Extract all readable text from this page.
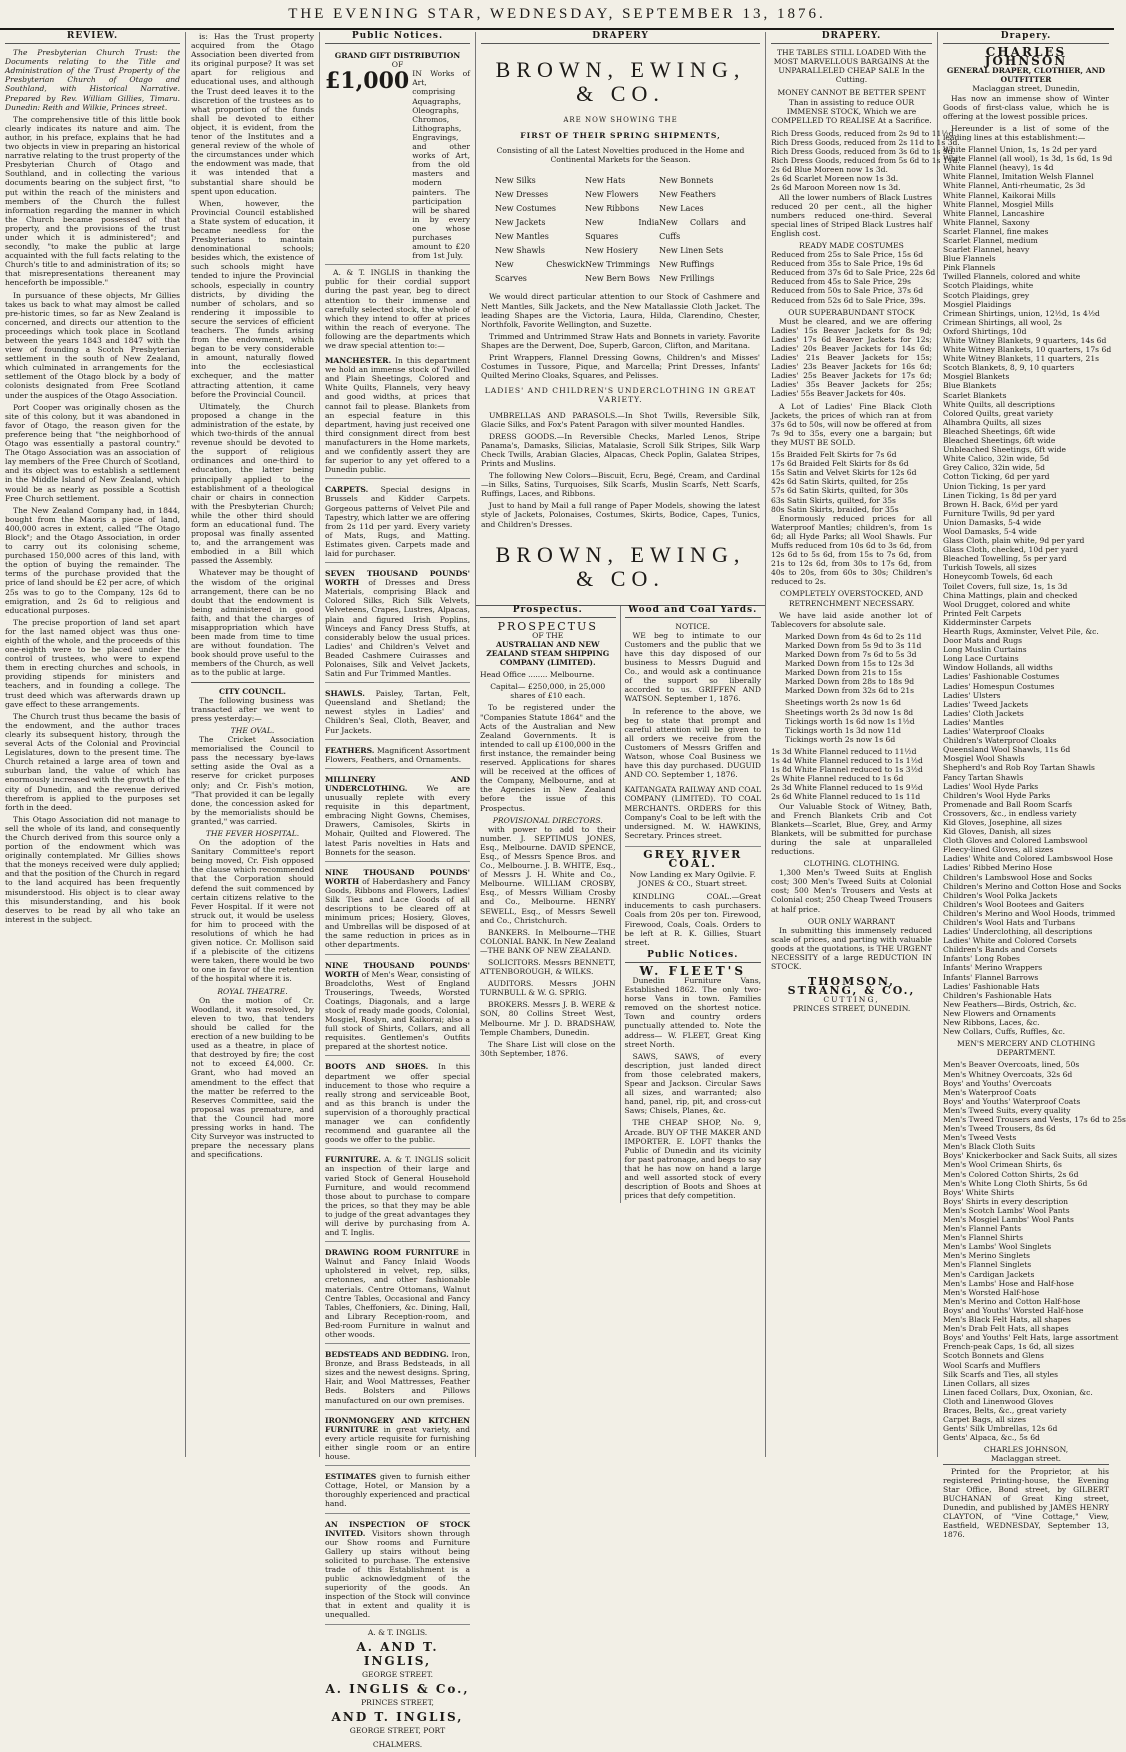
THE EVENING STAR, WEDNESDAY, SEPTEMBER 13, 1876.
REVIEW.

The Presbyterian Church Trust: the Documents relating to the Title and Administration of the Trust Property of the Presbyterian Church of Otago and Southland, with Historical Narrative. Prepared by Rev. William Gillies, Timaru. Dunedin: Reith and Wilkie, Princes street.

The comprehensive title of this little book clearly indicates its nature and aim. The author, in his preface, explains that he had two objects in view in preparing an historical narrative relating to the trust property of the Presbyterian Church of Otago and Southland, and in collecting the various documents bearing on the subject first, "to put within the reach of the ministers and members of the Church the fullest information regarding the manner in which the Church became possessed of that property, and the provisions of the trust under which it is administered"; and secondly, "to make the public at large acquainted with the full facts relating to the Church's title to and administration of its; so that misrepresentations thereanent may henceforth be impossible."

In pursuance of these objects, Mr Gillies takes us back to what may almost be called pre-historic times, so far as New Zealand is concerned, and directs our attention to the proceedings which took place in Scotland between the years 1843 and 1847 with the view of founding a Scotch Presbyterian settlement in the south of New Zealand, which culminated in arrangements for the settlement of the Otago block by a body of colonists designated from Free Scotland under the auspices of the Otago Association.

Port Cooper was originally chosen as the site of this colony, but it was abandoned in favor of Otago, the reason given for the preference being that "the neighborhood of Otago was essentially a pastoral country." The Otago Association was an association of lay members of the Free Church of Scotland, and its object was to establish a settlement in the Middle Island of New Zealand, which would be as nearly as possible a Scottish Free Church settlement.

The New Zealand Company had, in 1844, bought from the Maoris a piece of land, 400,000 acres in extent, called "The Otago Block"; and the Otago Association, in order to carry out its colonising scheme, purchased 150,000 acres of this land, with the option of buying the remainder. The terms of the purchase provided that the price of land should be £2 per acre, of which 25s was to go to the Company, 12s 6d to emigration, and 2s 6d to religious and educational purposes.

The precise proportion of land set apart for the last named object was thus one-eighth of the whole, and the proceeds of this one-eighth were to be placed under the control of trustees, who were to expend them in erecting churches and schools, in providing stipends for ministers and teachers, and in founding a college. The trust deed which was afterwards drawn up gave effect to these arrangements.

The Church trust thus became the basis of the endowment, and the author traces clearly its subsequent history, through the several Acts of the Colonial and Provincial Legislatures, down to the present time. The Church retained a large area of town and suburban land, the value of which has enormously increased with the growth of the city of Dunedin, and the revenue derived therefrom is applied to the purposes set forth in the deed.

This Otago Association did not manage to sell the whole of its land, and consequently the Church derived from this source only a portion of the endowment which was originally contemplated. Mr Gillies shows that the moneys received were duly applied; and that the position of the Church in regard to the land acquired has been frequently misunderstood. His object is to clear away this misunderstanding, and his book deserves to be read by all who take an interest in the subject.

is: Has the Trust property acquired from the Otago Association been diverted from its original purpose? It was set apart for religious and educational uses, and although the Trust deed leaves it to the discretion of the trustees as to what proportion of the funds shall be devoted to either object, it is evident, from the tenor of the Institutes and a general review of the whole of the circumstances under which the endowment was made, that it was intended that a substantial share should be spent upon education.

When, however, the Provincial Council established a State system of education, it became needless for the Presbyterians to maintain denominational schools; besides which, the existence of such schools might have tended to injure the Provincial schools, especially in country districts, by dividing the number of scholars, and so rendering it impossible to secure the services of efficient teachers. The funds arising from the endowment, which began to be very considerable in amount, naturally flowed into the ecclesiastical exchequer, and the matter attracting attention, it came before the Provincial Council.

Ultimately, the Church proposed a change in the administration of the estate, by which two-thirds of the annual revenue should be devoted to the support of religious ordinances and one-third to education, the latter being principally applied to the establishment of a theological chair or chairs in connection with the Presbyterian Church; while the other third should form an educational fund. The proposal was finally assented to, and the arrangement was embodied in a Bill which passed the Assembly.

Whatever may be thought of the wisdom of the original arrangement, there can be no doubt that the endowment is being administered in good faith, and that the charges of misappropriation which have been made from time to time are without foundation. The book should prove useful to the members of the Church, as well as to the public at large.

CITY COUNCIL.

The following business was transacted after we went to press yesterday:—

THE OVAL.

The Cricket Association memorialised the Council to pass the necessary bye-laws setting aside the Oval as a reserve for cricket purposes only; and Cr. Fish's motion, "That provided it can be legally done, the concession asked for by the memorialists should be granted," was carried.

THE FEVER HOSPITAL.

On the adoption of the Sanitary Committee's report being moved, Cr. Fish opposed the clause which recommended that the Corporation should defend the suit commenced by certain citizens relative to the Fever Hospital. If it were not struck out, it would be useless for him to proceed with the resolutions of which he had given notice. Cr. Mollison said if a plebiscite of the citizens were taken, there would be two to one in favor of the retention of the hospital where it is.

ROYAL THEATRE.

On the motion of Cr. Woodland, it was resolved, by eleven to two, that tenders should be called for the erection of a new building to be used as a theatre, in place of that destroyed by fire; the cost not to exceed £4,000. Cr. Grant, who had moved an amendment to the effect that the matter be referred to the Reserves Committee, said the proposal was premature, and that the Council had more pressing works in hand. The City Surveyor was instructed to prepare the necessary plans and specifications.

Public Notices.
GRAND GIFT DISTRIBUTION
OF
£1,000 IN Works of Art, comprising Aquagraphs, Oleographs, Chromos, Lithographs, Engravings, and other works of Art, from the old masters and modern painters. The participation will be shared in by every one whose purchases amount to £20 from 1st July.

A. & T. INGLIS in thanking the public for their cordial support during the past year, beg to direct attention to their immense and carefully selected stock, the whole of which they intend to offer at prices within the reach of everyone. The following are the departments which we draw special attention to:—

MANCHESTER. In this department we hold an immense stock of Twilled and Plain Sheetings, Colored and White Quilts, Flannels, very heavy and good widths, at prices that cannot fail to please. Blankets from an especial feature in this department, having just received one third consignment direct from best manufacturers in the Home markets, and we confidently assert they are far superior to any yet offered to a Dunedin public.
CARPETS. Special designs in Brussels and Kidder Carpets. Gorgeous patterns of Velvet Pile and Tapestry, which latter we are offering from 2s 11d per yard. Every variety of Mats, Rugs, and Matting. Estimates given. Carpets made and laid for purchaser.
SEVEN THOUSAND POUNDS' WORTH of Dresses and Dress Materials, comprising Black and Colored Silks, Rich Silk Velvets, Velveteens, Crapes, Lustres, Alpacas, plain and figured Irish Poplins, Winceys and Fancy Dress Stuffs, at considerably below the usual prices. Ladies' and Children's Velvet and Beaded Cashmere Cuirasses and Polonaises, Silk and Velvet Jackets, Satin and Fur Trimmed Mantles.
SHAWLS. Paisley, Tartan, Felt, Queensland and Shetland; the newest styles in Ladies' and Children's Seal, Cloth, Beaver, and Fur Jackets.
FEATHERS. Magnificent Assortment Flowers, Feathers, and Ornaments.
MILLINERY AND UNDERCLOTHING.	We are unusually replete with every requisite in this department, embracing Night Gowns, Chemises, Drawers, Camisoles, Skirts in Mohair, Quilted and Flowered. The latest Paris novelties in Hats and Bonnets for the season.
NINE THOUSAND POUNDS' WORTH of Haberdashery and Fancy Goods, Ribbons and Flowers, Ladies' Silk Ties and Lace Goods of all descriptions to be cleared off at minimum prices; Hosiery, Gloves, and Umbrellas will be disposed of at the same reduction in prices as in other departments.
NINE THOUSAND POUNDS' WORTH of Men's Wear, consisting of Broadcloths, West of England Trouserings, Tweeds, Worsted Coatings, Diagonals, and a large stock of ready made goods, Colonial, Mosgiel, Roslyn, and Kaikorai; also a full stock of Shirts, Collars, and all requisites. Gentlemen's Outfits prepared at the shortest notice.
BOOTS AND SHOES. In this department we offer special inducement to those who require a really strong and serviceable Boot, and as this branch is under the supervision of a thoroughly practical manager we can confidently recommend and guarantee all the goods we offer to the public.
FURNITURE. A. & T. INGLIS solicit an inspection of their large and varied Stock of General Household Furniture, and would recommend those about to purchase to compare the prices, so that they may be able to judge of the great advantages they will derive by purchasing from A. and T. Inglis.
DRAWING ROOM FURNITURE in Walnut and Fancy Inlaid Woods upholstered in velvet, rep, silks, cretonnes, and other fashionable materials. Centre Ottomans, Walnut Centre Tables, Occasional and Fancy Tables, Cheffoniers, &c. Dining, Hall, and Library Reception-room, and Bed-room Furniture in walnut and other woods.
BEDSTEADS AND BEDDING. Iron, Bronze, and Brass Bedsteads, in all sizes and the newest designs. Spring, Hair, and Wool Mattresses, Feather Beds. Bolsters and Pillows manufactured on our own premises.
IRONMONGERY AND KITCHEN FURNITURE in great variety, and every article requisite for furnishing either single room or an entire house.
ESTIMATES given to furnish either Cottage, Hotel, or Mansion by a thoroughly experienced and practical hand.
AN INSPECTION OF STOCK INVITED. Visitors shown through our Show rooms and Furniture Gallery up stairs without being solicited to purchase. The extensive trade of this Establishment is a public acknowledgment of the superiority of the goods. An inspection of the Stock will convince that in extent and quality it is unequalled.
A. & T. INGLIS.
A. AND T. INGLIS,
GEORGE STREET.
A. INGLIS & Co.,
PRINCES STREET,
AND T. INGLIS,
GEORGE STREET, PORT CHALMERS.
DRAPERY
BROWN, EWING, & CO.
ARE NOW SHOWING THE
FIRST OF THEIR SPRING SHIPMENTS,

Consisting of all the Latest Novelties produced in the Home and Continental Markets for the Season.

New Silks
New Dresses
New Costumes
New Jackets
New Mantles
New Shawls
New Cheswick Scarves
New Hats
New Flowers
New Ribbons
New India Squares
New Hosiery
New Trimmings
New Bern Bows
New Bonnets
New Feathers
New Laces
New Collars and Cuffs
New Linen Sets
New Ruffings
New Frillings

We would direct particular attention to our Stock of Cashmere and Nett Mantles, Silk Jackets, and the New Matallassie Cloth Jacket. The leading Shapes are the Victoria, Laura, Hilda, Clarendino, Chester, Northfolk, Favorite Wellington, and Suzette.

Trimmed and Untrimmed Straw Hats and Bonnets in variety. Favorite Shapes are the Derwent, Doe, Superb, Garcon, Clifton, and Maritana.

Print Wrappers, Flannel Dressing Gowns, Children's and Misses' Costumes in Tussore, Pique, and Marcella; Print Dresses, Infants' Quilted Merino Cloaks, Squares, and Pelisses.

LADIES' AND CHILDREN'S UNDERCLOTHING IN GREAT VARIETY.

UMBRELLAS AND PARASOLS.—In Shot Twills, Reversible Silk, Glacie Silks, and Fox's Patent Paragon with silver mounted Handles.

DRESS GOODS.—In Reversible Checks, Marled Lenos, Stripe Panama's, Damasks, Silicias, Matalasie, Scroll Silk Stripes, Silk Warp Check Twills, Arabian Glacies, Alpacas, Check Poplin, Galatea Stripes, Prints and Muslins.

The following New Colors—Biscuit, Ecru, Begé, Cream, and Cardinal—in Silks, Satins, Turquoises, Silk Scarfs, Muslin Scarfs, Nett Scarfs, Ruffings, Laces, and Ribbons.

Just to hand by Mail a full range of Paper Models, showing the latest style of Jackets, Polonaises, Costumes, Skirts, Bodice, Capes, Tunics, and Children's Dresses.

BROWN, EWING, & CO.
Prospectus.
PROSPECTUS
OF THE
AUSTRALIAN AND NEW ZEALAND STEAM SHIPPING COMPANY (LIMITED).

Head Office ........ Melbourne.

Capital— £250,000, in 25,000 shares of £10 each.

To be registered under the "Companies Statute 1864" and the Acts of the Australian and New Zealand Governments. It is intended to call up £100,000 in the first instance, the remainder being reserved. Applications for shares will be received at the offices of the Company, Melbourne, and at the Agencies in New Zealand before the issue of this Prospectus.

PROVISIONAL DIRECTORS.

with power to add to their number. J. SEPTIMUS JONES, Esq., Melbourne. DAVID SPENCE, Esq., of Messrs Spence Bros. and Co., Melbourne. J. B. WHITE, Esq., of Messrs J. H. White and Co., Melbourne. WILLIAM CROSBY, Esq., of Messrs William Crosby and Co., Melbourne. HENRY SEWELL, Esq., of Messrs Sewell and Co., Christchurch.

BANKERS. In Melbourne—THE COLONIAL BANK. In New Zealand—THE BANK OF NEW ZEALAND.

SOLICITORS. Messrs BENNETT, ATTENBOROUGH, & WILKS.

AUDITORS. Messrs JOHN TURNBULL & W. G. SPRIG.

BROKERS. Messrs J. B. WERE & SON, 80 Collins Street West, Melbourne. Mr J. D. BRADSHAW, Temple Chambers, Dunedin.

The Share List will close on the 30th September, 1876.

Wood and Coal Yards.
NOTICE.

WE beg to intimate to our Customers and the public that we have this day disposed of our business to Messrs Duguid and Co., and would ask a continuance of the support so liberally accorded to us. GRIFFEN AND WATSON. September 1, 1876.

In reference to the above, we beg to state that prompt and careful attention will be given to all orders we receive from the Customers of Messrs Griffen and Watson, whose Coal Business we have this day purchased. DUGUID AND CO. September 1, 1876.

KAITANGATA RAILWAY AND COAL COMPANY (LIMITED). TO COAL MERCHANTS. ORDERS for this Company's Coal to be left with the undersigned. M. W. HAWKINS, Secretary. Princes street.

GREY RIVER COAL.

Now Landing ex Mary Ogilvie. F. JONES & CO., Stuart street.

KINDLING COAL.—Great inducements to cash purchasers. Coals from 20s per ton. Firewood, Firewood, Coals, Coals. Orders to be left at R. K. Gillies, Stuart street.

Public Notices.
W. FLEET'S

Dunedin Furniture Vans, Established 1862. The only two-horse Vans in town. Families removed on the shortest notice. Town and country orders punctually attended to. Note the address— W. FLEET, Great King street North.

SAWS, SAWS, of every description, just landed direct from those celebrated makers, Spear and Jackson. Circular Saws all sizes, and warranted; also hand, panel, rip, pit, and cross-cut Saws; Chisels, Planes, &c.

THE CHEAP SHOP, No. 9, Arcade. BUY OF THE MAKER AND IMPORTER. E. LOFT thanks the Public of Dunedin and its vicinity for past patronage, and begs to say that he has now on hand a large and well assorted stock of every description of Boots and Shoes at prices that defy competition.

DRAPERY.

THE TABLES STILL LOADED With the MOST MARVELLOUS BARGAINS At the UNPARALLELED CHEAP SALE In the Cutting.

MONEY CANNOT BE BETTER SPENT Than in assisting to reduce OUR IMMENSE STOCK, Which we are COMPELLED TO REALISE At a Sacrifice.

Rich Dress Goods, reduced from 2s 9d to 11½d.
Rich Dress Goods, reduced from 2s 11d to 1s 3d.
Rich Dress Goods, reduced from 3s 6d to 1s 9d.
Rich Dress Goods, reduced from 5s 6d to 1s 11d.
2s 6d Blue Moreen now 1s 3d.
2s 6d Scarlet Moreen now 1s 3d.
2s 6d Maroon Moreen now 1s 3d.

All the lower numbers of Black Lustres reduced 20 per cent., all the higher numbers reduced one-third. Several special lines of Striped Black Lustres half English cost.

READY MADE COSTUMES
Reduced from 25s to Sale Price, 15s 6d
Reduced from 35s to Sale Price, 19s 6d
Reduced from 37s 6d to Sale Price, 22s 6d
Reduced from 45s to Sale Price, 29s
Reduced from 50s to Sale Price, 37s 6d
Reduced from 52s 6d to Sale Price, 39s.
OUR SUPERABUNDANT STOCK

Must be cleared, and we are offering Ladies' 15s Beaver Jackets for 8s 9d; Ladies' 17s 6d Beaver Jackets for 12s; Ladies' 20s Beaver Jackets for 14s 6d; Ladies' 21s Beaver Jackets for 15s; Ladies' 23s Beaver Jackets for 16s 6d; Ladies' 25s Beaver Jackets for 17s 6d; Ladies' 35s Beaver Jackets for 25s; Ladies' 55s Beaver Jackets for 40s.

A Lot of Ladies' Fine Black Cloth Jackets, the prices of which ran at from 37s 6d to 50s, will now be offered at from 7s 9d to 35s, every one a bargain; but they MUST BE SOLD.

15s Braided Felt Skirts for 7s 6d
17s 6d Braided Felt Skirts for 8s 6d
15s Satin and Velvet Skirts for 12s 6d
42s 6d Satin Skirts, quilted, for 25s
57s 6d Satin Skirts, quilted, for 30s
63s Satin Skirts, quilted, for 35s
80s Satin Skirts, braided, for 35s

Enormously reduced prices for all Waterproof Mantles; children's, from 1s 6d; all Hyde Parks; all Wool Shawls. Fur Muffs reduced from 10s 6d to 3s 6d, from 12s 6d to 5s 6d, from 15s to 7s 6d, from 21s to 12s 6d, from 30s to 17s 6d, from 40s to 20s, from 60s to 30s; Children's reduced to 2s.

COMPLETELY OVERSTOCKED, AND RETRENCHMENT NECESSARY.

We have laid aside another lot of Tablecovers for absolute sale.

Marked Down from 4s 6d to 2s 11d
Marked Down from 5s 9d to 3s 11d
Marked Down from 7s 6d to 5s 3d
Marked Down from 15s to 12s 3d
Marked Down from 21s to 15s
Marked Down from 28s to 18s 9d
Marked Down from 32s 6d to 21s
Sheetings worth 2s now 1s 6d
Sheetings worth 2s 3d now 1s 8d
Tickings worth 1s 6d now 1s 1½d
Tickings worth 1s 3d now 11d
Tickings worth 2s now 1s 6d
1s 3d White Flannel reduced to 11½d
1s 4d White Flannel reduced to 1s 1½d
1s 8d White Flannel reduced to 1s 3½d
2s White Flannel reduced to 1s 6d
2s 3d White Flannel reduced to 1s 9½d
2s 6d White Flannel reduced to 1s 11d

Our Valuable Stock of Witney, Bath, and French Blankets Crib and Cot Blankets—Scarlet, Blue, Grey, and Army Blankets, will be submitted for purchase during the sale at unparalleled reductions.

CLOTHING. CLOTHING.

1,300 Men's Tweed Suits at English cost; 300 Men's Tweed Suits at Colonial cost; 500 Men's Trousers and Vests at Colonial cost; 250 Cheap Tweed Trousers at half price.

OUR ONLY WARRANT

In submitting this immensely reduced scale of prices, and parting with valuable goods at the quotations, is THE URGENT NECESSITY of a large REDUCTION IN STOCK.

THOMSON, STRANG, & CO.,
CUTTING,
PRINCES STREET, DUNEDIN.
Drapery.
CHARLES JOHNSON
GENERAL DRAPER, CLOTHIER, AND OUTFITTER
Maclaggan street, Dunedin,

Has now an immense show of Winter Goods of first-class value, which he is offering at the lowest possible prices.

Hereunder is a list of some of the leading lines at this establishment:—

White Flannel Union, 1s, 1s 2d per yard
White Flannel (all wool), 1s 3d, 1s 6d, 1s 9d
White Flannel (heavy), 1s 4d
White Flannel, Imitation Welsh Flannel
White Flannel, Anti-rheumatic, 2s 3d
White Flannel, Kaikorai Mills
White Flannel, Mosgiel Mills
White Flannel, Lancashire
White Flannel, Saxony
Scarlet Flannel, fine makes
Scarlet Flannel, medium
Scarlet Flannel, heavy
Blue Flannels
Pink Flannels
Twilled Flannels, colored and white
Scotch Plaidings, white
Scotch Plaidings, grey
Mosgiel Plaidings
Crimean Shirtings, union, 12½d, 1s 4½d
Crimean Shirtings, all wool, 2s
Oxford Shirtings, 10d
White Witney Blankets, 9 quarters, 14s 6d
White Witney Blankets, 10 quarters, 17s 6d
White Witney Blankets, 11 quarters, 21s
Scotch Blankets, 8, 9, 10 quarters
Mosgiel Blankets
Blue Blankets
Scarlet Blankets
White Quilts, all descriptions
Colored Quilts, great variety
Alhambra Quilts, all sizes
Bleached Sheetings, 6ft wide
Bleached Sheetings, 6ft wide
Unbleached Sheetings, 6ft wide
White Calico, 32in wide, 5d
Grey Calico, 32in wide, 5d
Cotton Ticking, 6d per yard
Union Ticking, 1s per yard
Linen Ticking, 1s 8d per yard
Brown H. Back, 6½d per yard
Furniture Twills, 9d per yard
Union Damasks, 5-4 wide
Wool Damasks, 5-4 wide
Glass Cloth, plain white, 9d per yard
Glass Cloth, checked, 10d per yard
Bleached Towelling, 5s per yard
Turkish Towels, all sizes
Honeycomb Towels, 6d each
Toilet Covers, full size, 1s, 1s 3d
China Mattings, plain and checked
Wool Drugget, colored and white
Printed Felt Carpets
Kidderminster Carpets
Hearth Rugs, Axminster, Velvet Pile, &c.
Door Mats and Rugs
Long Muslin Curtains
Long Lace Curtains
Window Hollands, all widths
Ladies' Fashionable Costumes
Ladies' Homespun Costumes
Ladies' Ulsters
Ladies' Tweed Jackets
Ladies' Cloth Jackets
Ladies' Mantles
Ladies' Waterproof Cloaks
Children's Waterproof Cloaks
Queensland Wool Shawls, 11s 6d
Mosgiel Wool Shawls
Shepherd's and Rob Roy Tartan Shawls
Fancy Tartan Shawls
Ladies' Wool Hyde Parks
Children's Wool Hyde Parks
Promenade and Ball Room Scarfs
Crossovers, &c., in endless variety
Kid Gloves, Josephine, all sizes
Kid Gloves, Danish, all sizes
Cloth Gloves and Colored Lambswool
Fleecy-lined Gloves, all sizes
Ladies' White and Colored Lambswool Hose
Ladies' Ribbed Merino Hose
Children's Lambswool Hose and Socks
Children's Merino and Cotton Hose and Socks
Children's Wool Polka Jackets
Children's Wool Bootees and Gaiters
Children's Merino and Wool Hoods, trimmed
Children's Wool Hats and Turbans
Ladies' Underclothing, all descriptions
Ladies' White and Colored Corsets
Children's Bands and Corsets
Infants' Long Robes
Infants' Merino Wrappers
Infants' Flannel Barrows
Ladies' Fashionable Hats
Children's Fashionable Hats
New Feathers—Birds, Ostrich, &c.
New Flowers and Ornaments
New Ribbons, Laces, &c.
New Collars, Cuffs, Ruffles, &c.
MEN'S MERCERY AND CLOTHING DEPARTMENT.
Men's Beaver Overcoats, lined, 50s
Men's Whitney Overcoats, 32s 6d
Boys' and Youths' Overcoats
Men's Waterproof Coats
Boys' and Youths' Waterproof Coats
Men's Tweed Suits, every quality
Men's Tweed Trousers and Vests, 17s 6d to 25s
Men's Tweed Trousers, 8s 6d
Men's Tweed Vests
Men's Black Cloth Suits
Boys' Knickerbocker and Sack Suits, all sizes
Men's Wool Crimean Shirts, 6s
Men's Colored Cotton Shirts, 2s 6d
Men's White Long Cloth Shirts, 5s 6d
Boys' White Shirts
Boys' Shirts in every description
Men's Scotch Lambs' Wool Pants
Men's Mosgiel Lambs' Wool Pants
Men's Flannel Pants
Men's Flannel Shirts
Men's Lambs' Wool Singlets
Men's Merino Singlets
Men's Flannel Singlets
Men's Cardigan Jackets
Men's Lambs' Hose and Half-hose
Men's Worsted Half-hose
Men's Merino and Cotton Half-hose
Boys' and Youths' Worsted Half-hose
Men's Black Felt Hats, all shapes
Men's Drab Felt Hats, all shapes
Boys' and Youths' Felt Hats, large assortment
French-peak Caps, 1s 6d, all sizes
Scotch Bonnets and Glens
Wool Scarfs and Mufflers
Silk Scarfs and Ties, all styles
Linen Collars, all sizes
Linen faced Collars, Dux, Oxonian, &c.
Cloth and Linenwood Gloves
Braces, Belts, &c., great variety
Carpet Bags, all sizes
Gents' Silk Umbrellas, 12s 6d
Gents' Alpaca, &c., 5s 6d
CHARLES JOHNSON,
Maclaggan street.

Printed for the Proprietor, at his registered Printing-house, the Evening Star Office, Bond street, by GILBERT BUCHANAN of Great King street, Dunedin, and published by JAMES HENRY CLAYTON, of "Vine Cottage," View, Eastfield, WEDNESDAY, September 13, 1876.
